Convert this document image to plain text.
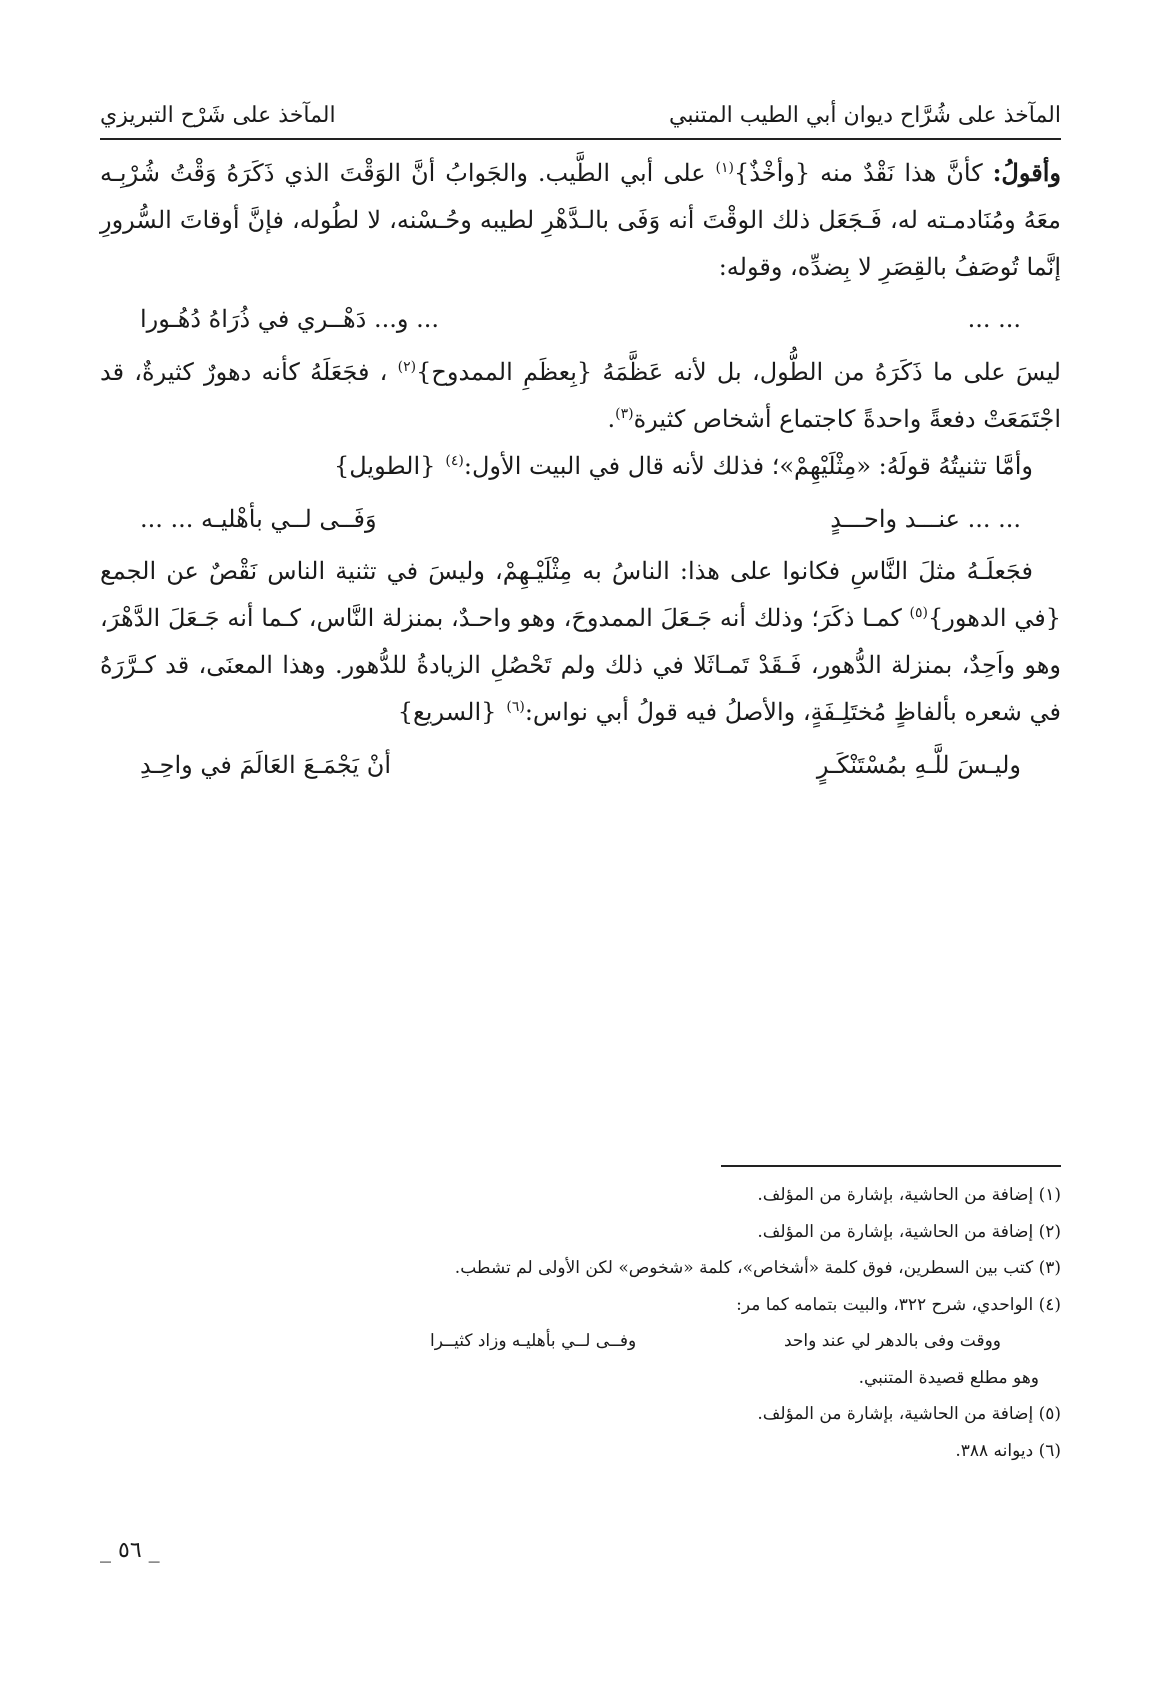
المآخذ على شُرَّاح ديوان أبي الطيب المتنبي
المآخذ على شَرْح التبريزي

وأقولُ: كأنَّ هذا نَقْدٌ منه {وأخْذٌ}$^{(١)}$ على أبي الطَّيب. والجَوابُ أنَّ الوَقْتَ الذي ذَكَرَهُ وَقْتُ شُرْبِـه معَهُ ومُنَادمـته له، فَـجَعَل ذلك الوقْتَ أنه وَفَى بالـدَّهْرِ لطيبه وحُـسْنه، لا لطُوله، فإنَّ أوقاتَ السُّرورِ إنَّما تُوصَفُ بالقِصَرِ لا بِضدِّه، وقوله:

... ...
... و... دَهْــري في ذُرَاهُ دُهُـورا

ليسَ على ما ذَكَرَهُ من الطُّول، بل لأنه عَظَّمَهُ {بِعظَمِ الممدوح}$^{(٢)}$ ، فجَعَلَهُ كأنه دهورٌ كثيرةٌ، قد اجْتَمَعَتْ دفعةً واحدةً كاجتماع أشخاص كثيرة$^{(٣)}$.

وأمَّا تثنيتُهُ قولَهُ: «مِثْلَيْهِمْ»؛ فذلك لأنه قال في البيت الأول:$^{(٤)}${الطويل}

... ... عنـــد واحـــدٍ
وَفَــى لــي بأهْليـه ... ...

فجَعلَـهُ مثلَ النَّاسِ فكانوا على هذا: الناسُ به مِثْلَيْـهِمْ، وليسَ في تثنية الناس نَقْصٌ عن الجمع {في الدهور}$^{(٥)}$ كمـا ذكَرَ؛ وذلك أنه جَـعَلَ الممدوحَ، وهو واحـدٌ، بمنزلة النَّاس، كـما أنه جَـعَلَ الدَّهْرَ، وهو واَحِدٌ، بمنزلة الدُّهور، فَـقَدْ تَمـاثَلا في ذلك ولم تَحْصُلِ الزيادةُ للدُّهور. وهذا المعنَى، قد كـرَّرَهُ في شعره بألفاظٍ مُختَلِـفَةٍ، والأصلُ فيه قولُ أبي نواس:$^{(٦)}${السريع}

وليـسَ للَّـهِ بمُسْتَنْكَـرٍ
أنْ يَجْمَـعَ العَالَمَ في واحِـدِ

(١) إضافة من الحاشية، بإشارة من المؤلف.

(٢) إضافة من الحاشية، بإشارة من المؤلف.

(٣) كتب بين السطرين، فوق كلمة «أشخاص»، كلمة «شخوص» لكن الأولى لم تشطب.

(٤) الواحدي، شرح ٣٢٢، والبيت بتمامه كما مر:

ووقت وفى بالدهر لي عند واحد
وفــى لــي بأهليـه وزاد كثيــرا

وهو مطلع قصيدة المتنبي.

(٥) إضافة من الحاشية، بإشارة من المؤلف.

(٦) ديوانه ٣٨٨.

_ ٥٦ _
